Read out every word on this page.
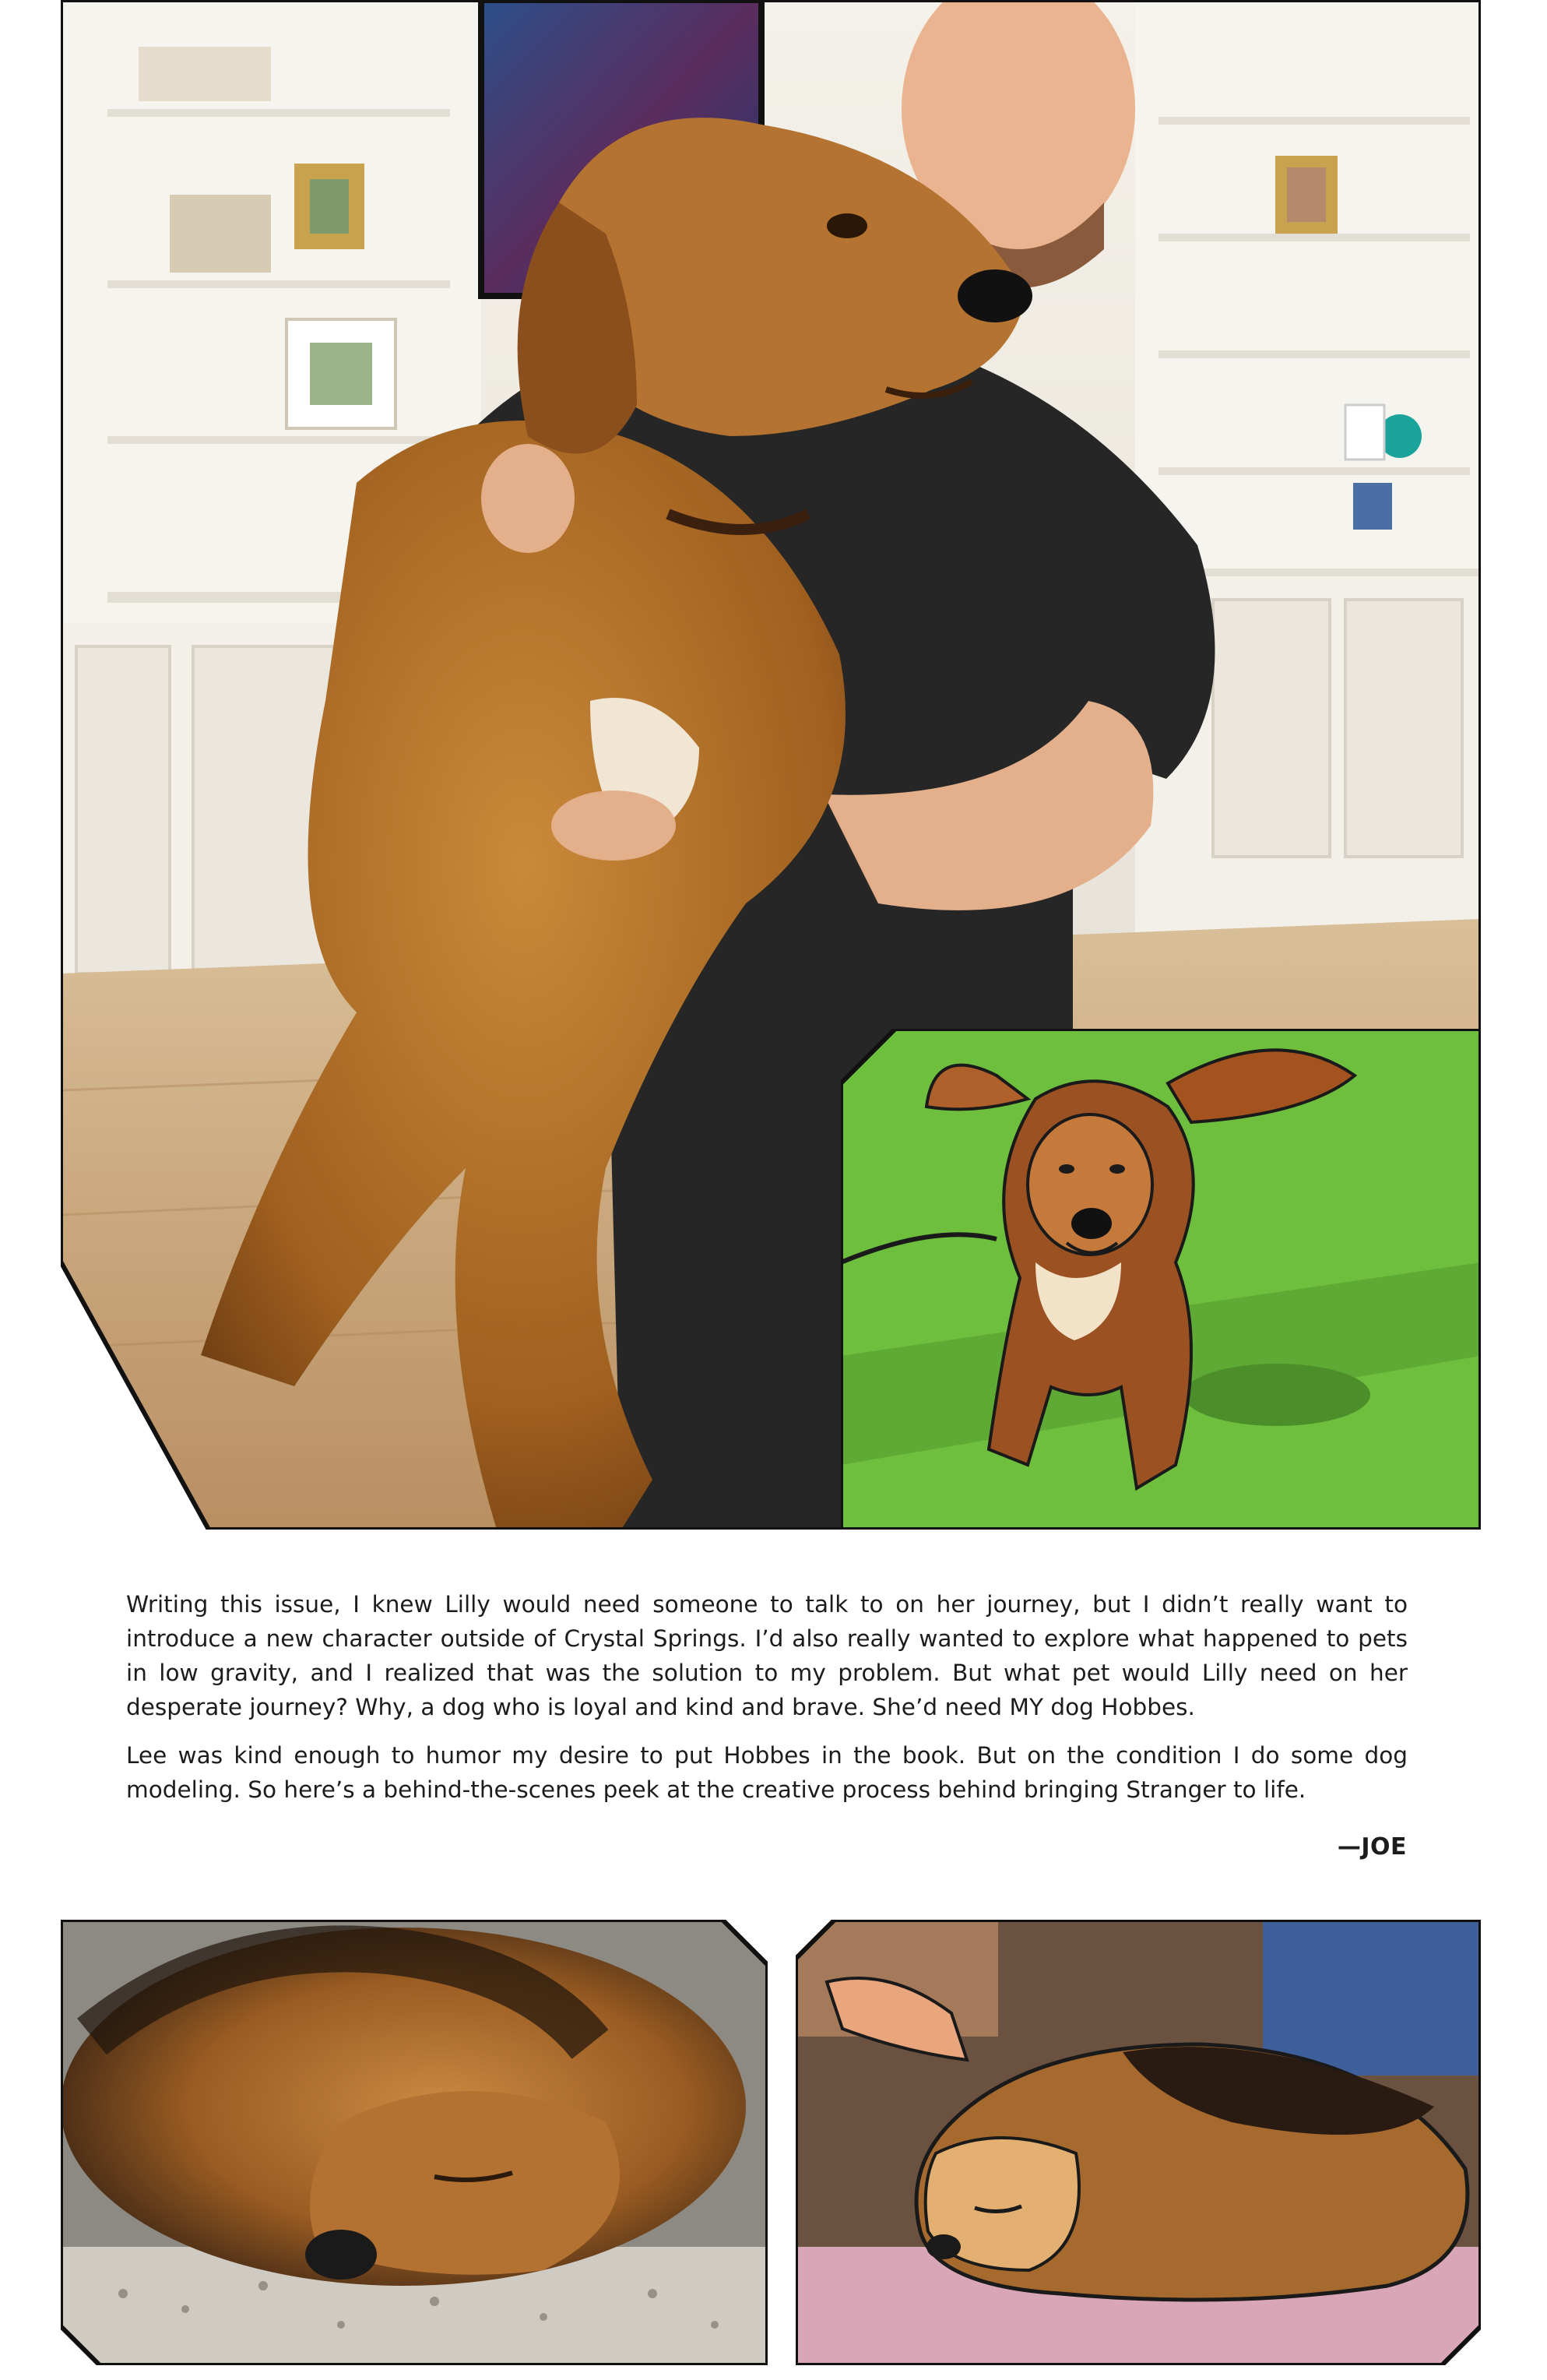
Writing this issue, I knew Lilly would need someone to talk to on her journey, but I didn’t really want to introduce a new character outside of Crystal Springs. I’d also really wanted to explore what happened to pets in low gravity, and I realized that was the solution to my problem. But what pet would Lilly need on her desperate journey? Why, a dog who is loyal and kind and brave. She’d need MY dog Hobbes.

Lee was kind enough to humor my desire to put Hobbes in the book. But on the condition I do some dog modeling. So here’s a behind-the-scenes peek at the creative process behind bringing Stranger to life.

—JOE
